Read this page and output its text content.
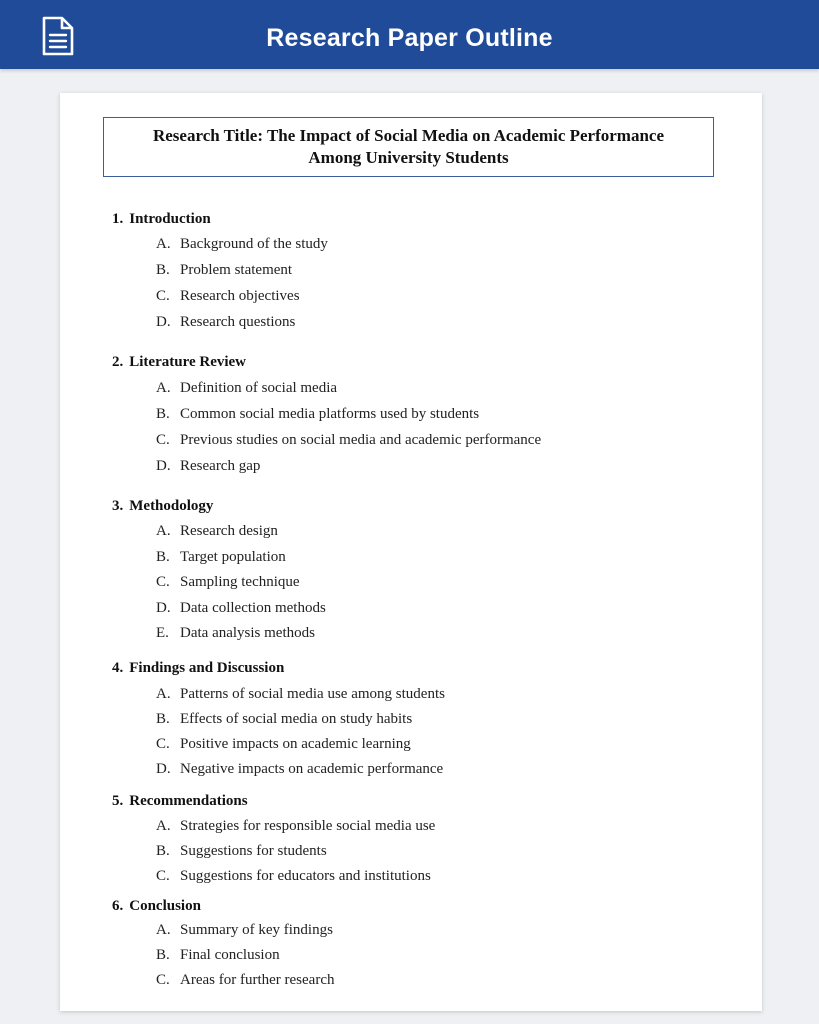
Research Paper Outline
Research Title: The Impact of Social Media on Academic Performance
Among University Students
1. Introduction
A. Background of the study
B. Problem statement
C. Research objectives
D. Research questions
2. Literature Review
A. Definition of social media
B. Common social media platforms used by students
C. Previous studies on social media and academic performance
D. Research gap
3. Methodology
A. Research design
B. Target population
C. Sampling technique
D. Data collection methods
E. Data analysis methods
4. Findings and Discussion
A. Patterns of social media use among students
B. Effects of social media on study habits
C. Positive impacts on academic learning
D. Negative impacts on academic performance
5. Recommendations
A. Strategies for responsible social media use
B. Suggestions for students
C. Suggestions for educators and institutions
6. Conclusion
A. Summary of key findings
B. Final conclusion
C. Areas for further research
